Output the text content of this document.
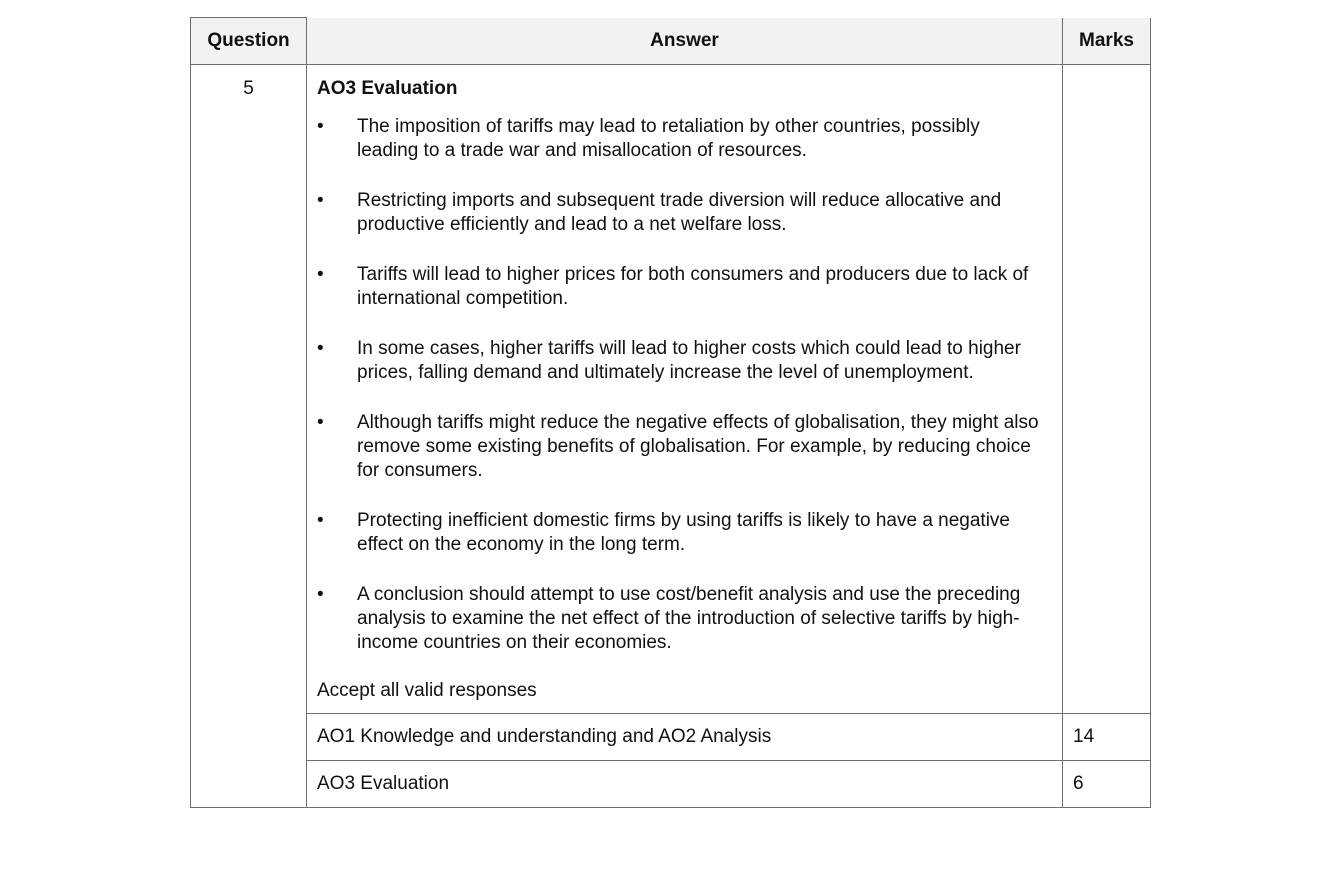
Question	Answer	Marks
5	AO3 Evaluation
•	The imposition of tariffs may lead to retaliation by other countries, possibly leading to a trade war and misallocation of resources.
•	Restricting imports and subsequent trade diversion will reduce allocative and productive efficiently and lead to a net welfare loss.
•	Tariffs will lead to higher prices for both consumers and producers due to lack of international competition.
•	In some cases, higher tariffs will lead to higher costs which could lead to higher prices, falling demand and ultimately increase the level of unemployment.
•	Although tariffs might reduce the negative effects of globalisation, they might also remove some existing benefits of globalisation. For example, by reducing choice for consumers.
•	Protecting inefficient domestic firms by using tariffs is likely to have a negative effect on the economy in the long term.
•	A conclusion should attempt to use cost/benefit analysis and use the preceding analysis to examine the net effect of the introduction of selective tariffs by high-income countries on their economies.
Accept all valid responses

	AO1 Knowledge and understanding and AO2 Analysis	14
	AO3 Evaluation	6
